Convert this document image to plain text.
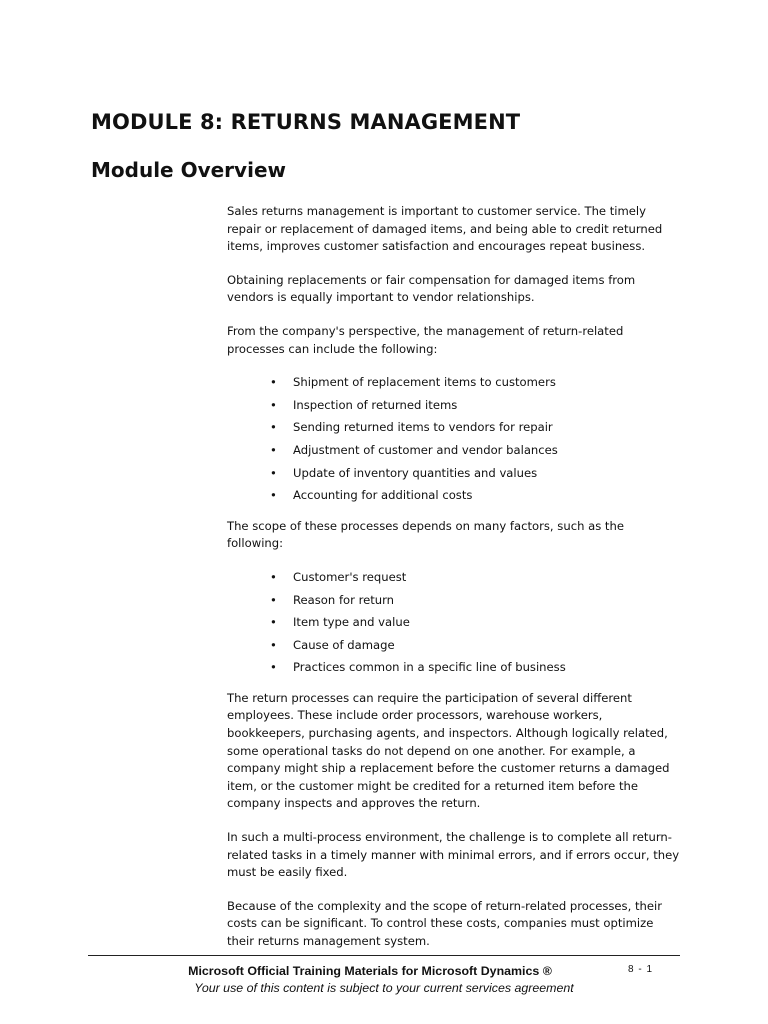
MODULE 8: RETURNS MANAGEMENT
Module Overview

Sales returns management is important to customer service. The timely repair or replacement of damaged items, and being able to credit returned items, improves customer satisfaction and encourages repeat business.

Obtaining replacements or fair compensation for damaged items from vendors is equally important to vendor relationships.

From the company's perspective, the management of return-related processes can include the following:

• Shipment of replacement items to customers
• Inspection of returned items
• Sending returned items to vendors for repair
• Adjustment of customer and vendor balances
• Update of inventory quantities and values
• Accounting for additional costs

The scope of these processes depends on many factors, such as the following:

• Customer's request
• Reason for return
• Item type and value
• Cause of damage
• Practices common in a specific line of business

The return processes can require the participation of several different employees. These include order processors, warehouse workers, bookkeepers, purchasing agents, and inspectors. Although logically related, some operational tasks do not depend on one another. For example, a company might ship a replacement before the customer returns a damaged item, or the customer might be credited for a returned item before the company inspects and approves the return.

In such a multi-process environment, the challenge is to complete all return-related tasks in a timely manner with minimal errors, and if errors occur, they must be easily fixed.

Because of the complexity and the scope of return-related processes, their costs can be significant. To control these costs, companies must optimize their returns management system.

Microsoft Official Training Materials for Microsoft Dynamics ®
Your use of this content is subject to your current services agreement
8 - 1
